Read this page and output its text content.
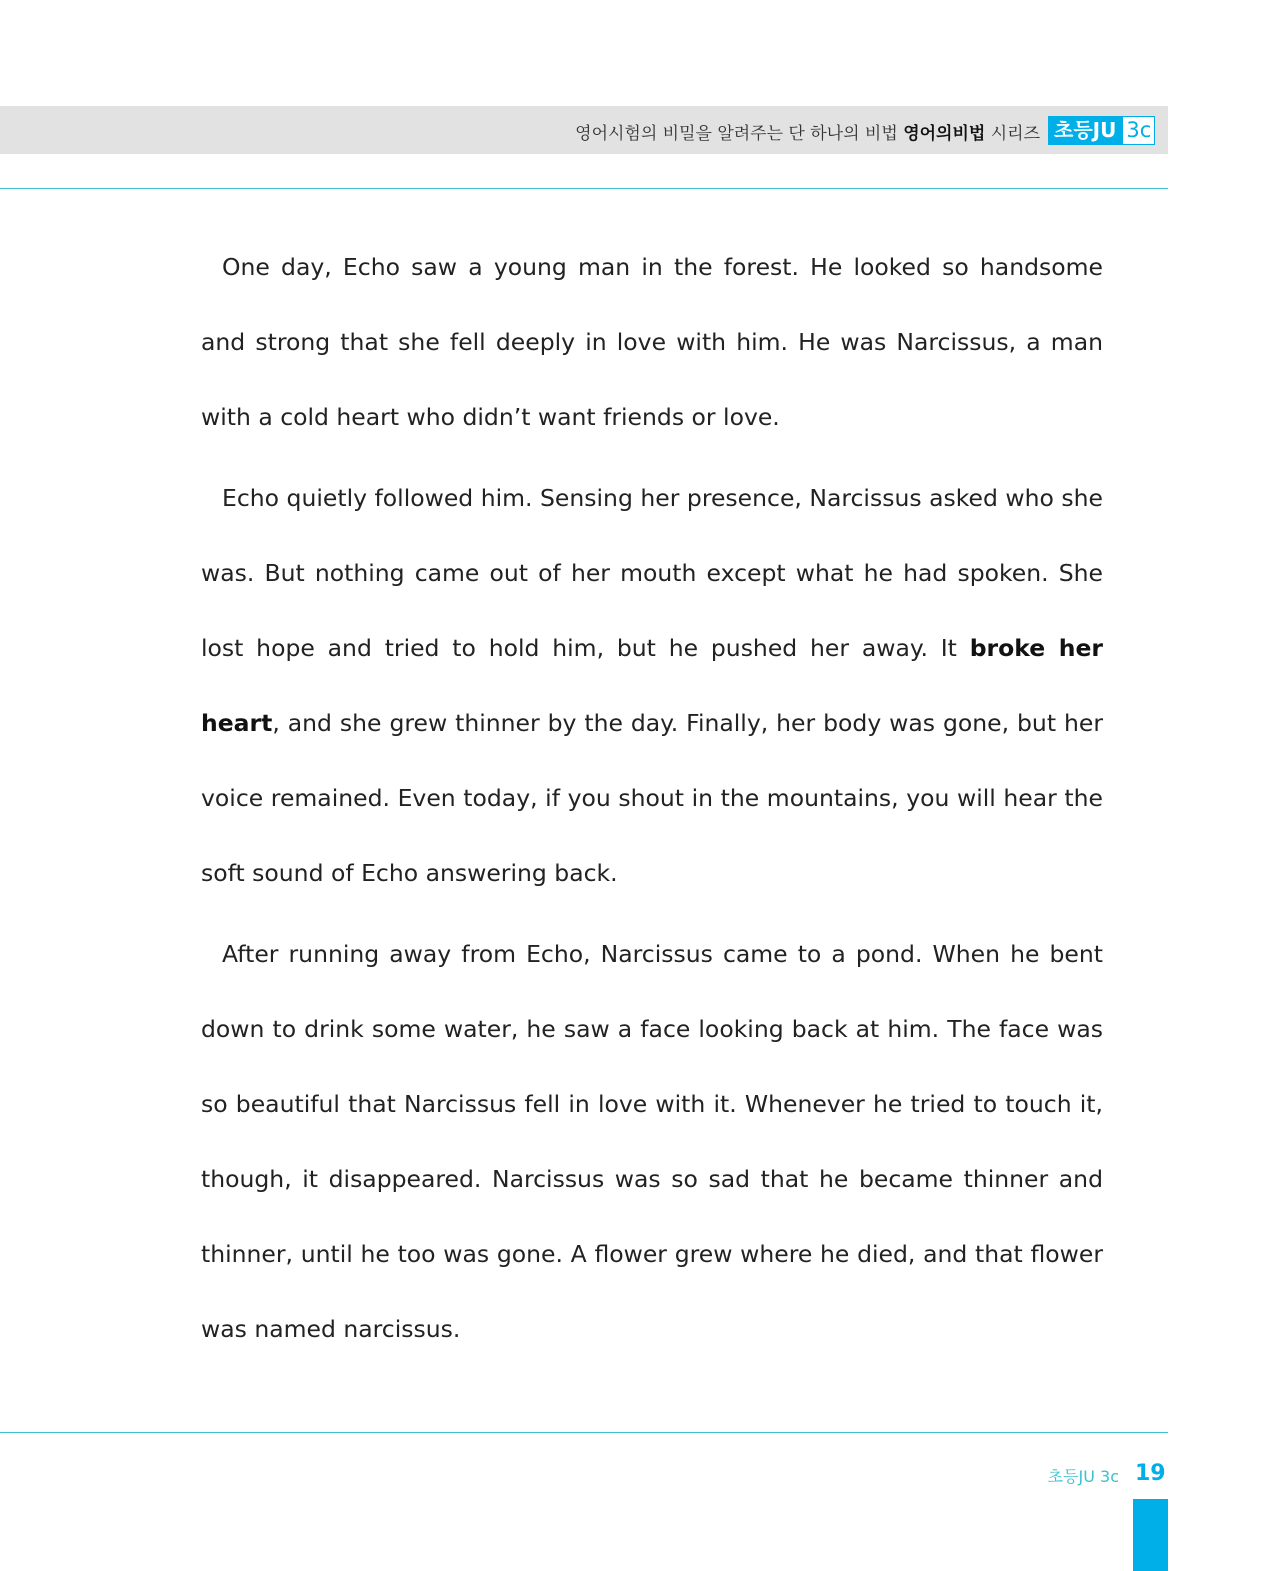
영어시험의 비밀을 알려주는 단 하나의 비법 영어의비법 시리즈 초등JU 3c

One day, Echo saw a young man in the forest. He looked so handsome and strong that she fell deeply in love with him. He was Narcissus, a man with a cold heart who didn’t want friends or love.

Echo quietly followed him. Sensing her presence, Narcissus asked who she was. But nothing came out of her mouth except what he had spoken. She lost hope and tried to hold him, but he pushed her away. It broke her heart, and she grew thinner by the day. Finally, her body was gone, but her voice remained. Even today, if you shout in the mountains, you will hear the soft sound of Echo answering back.

After running away from Echo, Narcissus came to a pond. When he bent down to drink some water, he saw a face looking back at him. The face was so beautiful that Narcissus fell in love with it. Whenever he tried to touch it, though, it disappeared. Narcissus was so sad that he became thinner and thinner, until he too was gone. A flower grew where he died, and that flower was named narcissus.

초등JU 3c 19
